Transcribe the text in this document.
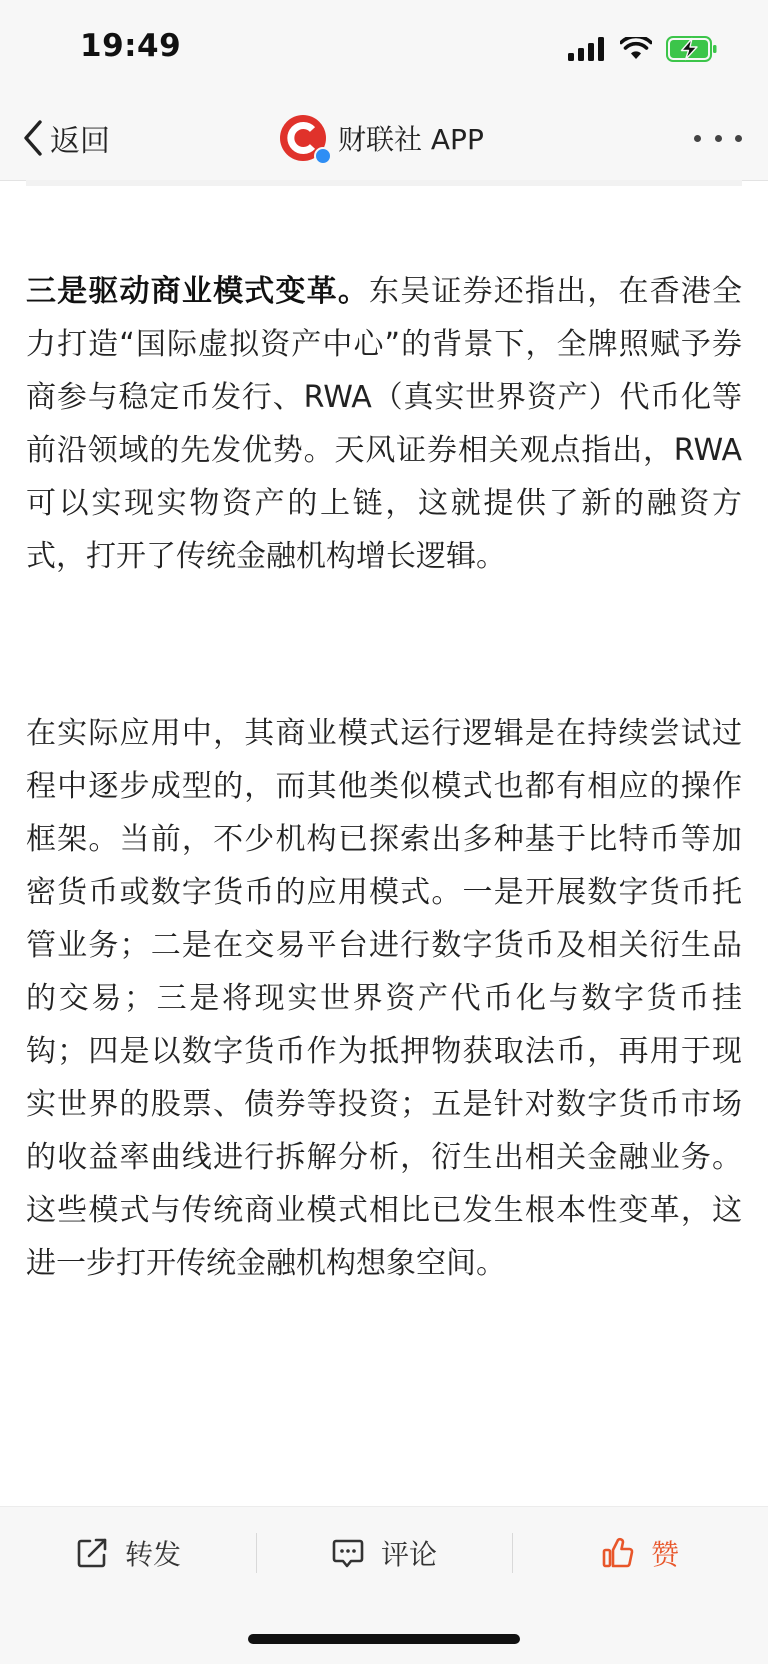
19:49
返回	财联社 APP

三是驱动商业模式变革。东吴证券还指出，在香港全力打造“国际虚拟资产中心”的背景下，全牌照赋予券商参与稳定币发行、RWA（真实世界资产）代币化等前沿领域的先发优势。天风证券相关观点指出，RWA可以实现实物资产的上链，这就提供了新的融资方式，打开了传统金融机构增长逻辑。

在实际应用中，其商业模式运行逻辑是在持续尝试过程中逐步成型的，而其他类似模式也都有相应的操作框架。当前，不少机构已探索出多种基于比特币等加密货币或数字货币的应用模式。一是开展数字货币托管业务；二是在交易平台进行数字货币及相关衍生品的交易；三是将现实世界资产代币化与数字货币挂钩；四是以数字货币作为抵押物获取法币，再用于现实世界的股票、债券等投资；五是针对数字货币市场的收益率曲线进行拆解分析，衍生出相关金融业务。这些模式与传统商业模式相比已发生根本性变革，这进一步打开传统金融机构想象空间。

转发	评论	赞
